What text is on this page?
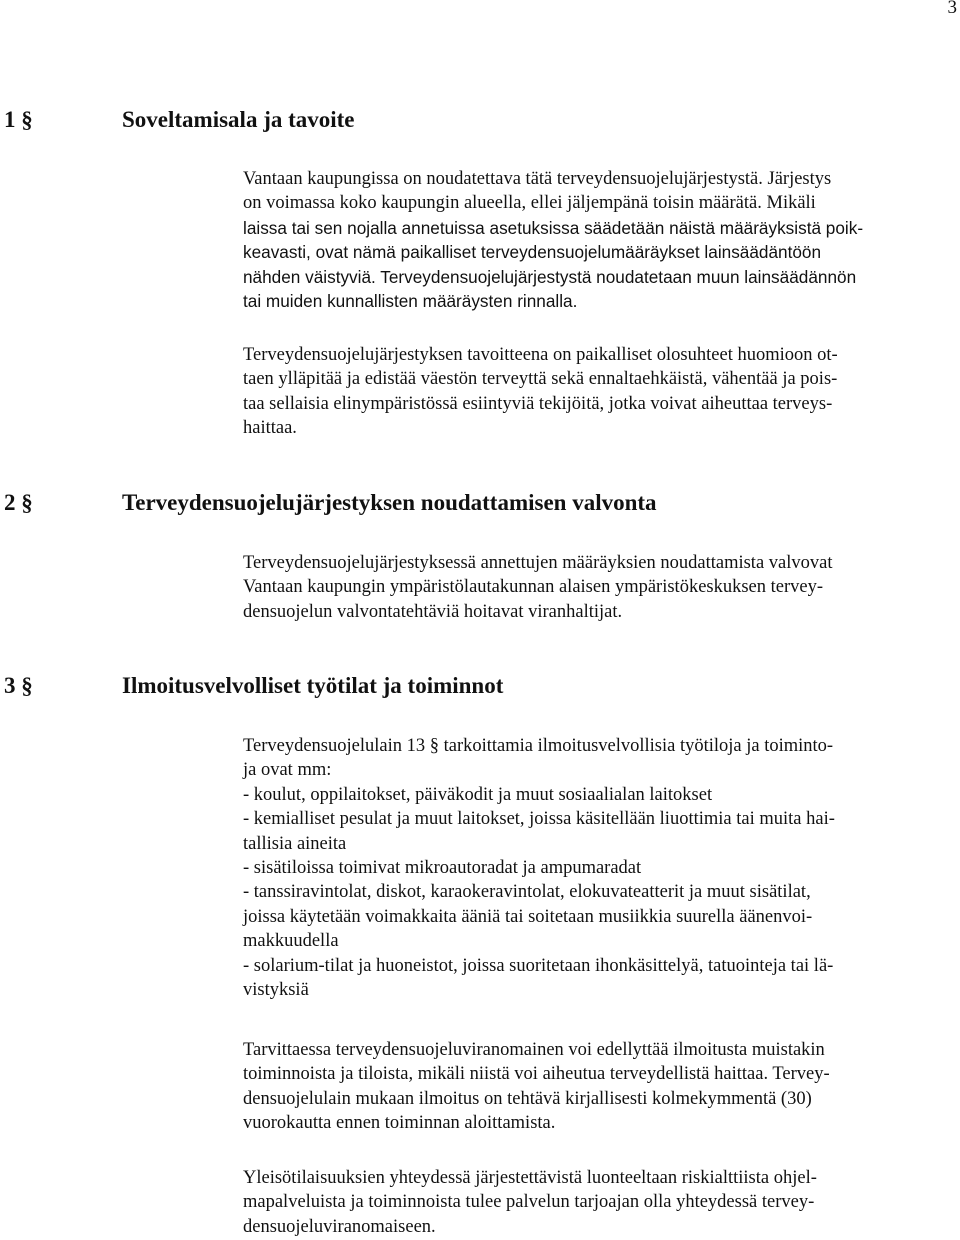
3
1 §	Soveltamisala ja tavoite

Vantaan kaupungissa on noudatettava tätä terveydensuojelujärjestystä. Järjestys
on voimassa koko kaupungin alueella, ellei jäljempänä toisin määrätä. Mikäli
laissa tai sen nojalla annetuissa asetuksissa säädetään näistä määräyksistä poik-
keavasti, ovat nämä paikalliset terveydensuojelumääräykset lainsäädäntöön
nähden väistyviä. Terveydensuojelujärjestystä noudatetaan muun lainsäädännön
tai muiden kunnallisten määräysten rinnalla.

Terveydensuojelujärjestyksen tavoitteena on paikalliset olosuhteet huomioon ot-
taen ylläpitää ja edistää väestön terveyttä sekä ennaltaehkäistä, vähentää ja pois-
taa sellaisia elinympäristössä esiintyviä tekijöitä, jotka voivat aiheuttaa terveys-
haittaa.

2 §	Terveydensuojelujärjestyksen noudattamisen valvonta

Terveydensuojelujärjestyksessä annettujen määräyksien noudattamista valvovat
Vantaan kaupungin ympäristölautakunnan alaisen ympäristökeskuksen tervey-
densuojelun valvontatehtäviä hoitavat viranhaltijat.

3 §	Ilmoitusvelvolliset työtilat ja toiminnot

Terveydensuojelulain 13 § tarkoittamia ilmoitusvelvollisia työtiloja ja toiminto-
ja ovat mm:
- koulut, oppilaitokset, päiväkodit ja muut sosiaalialan laitokset
- kemialliset pesulat ja muut laitokset, joissa käsitellään liuottimia tai muita hai-
tallisia aineita
- sisätiloissa toimivat mikroautoradat ja ampumaradat
- tanssiravintolat, diskot, karaokeravintolat, elokuvateatterit ja muut sisätilat,
joissa käytetään voimakkaita ääniä tai soitetaan musiikkia suurella äänenvoi-
makkuudella
- solarium-tilat ja huoneistot, joissa suoritetaan ihonkäsittelyä, tatuointeja tai lä-
vistyksiä

Tarvittaessa terveydensuojeluviranomainen voi edellyttää ilmoitusta muistakin
toiminnoista ja tiloista, mikäli niistä voi aiheutua terveydellistä haittaa. Tervey-
densuojelulain mukaan ilmoitus on tehtävä kirjallisesti kolmekymmentä (30)
vuorokautta ennen toiminnan aloittamista.

Yleisötilaisuuksien yhteydessä järjestettävistä luonteeltaan riskialttiista ohjel-
mapalveluista ja toiminnoista tulee palvelun tarjoajan olla yhteydessä tervey-
densuojeluviranomaiseen.
